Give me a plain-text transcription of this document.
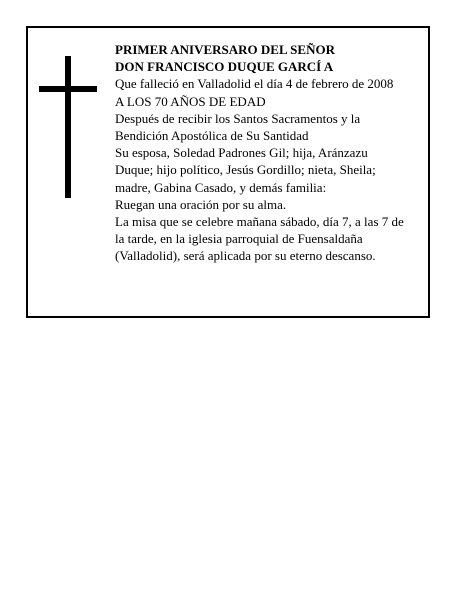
PRIMER ANIVERSARO DEL SEÑOR
DON FRANCISCO DUQUE GARCÍ A
Que falleció en Valladolid el día 4 de febrero de 2008
A LOS 70 AÑOS DE EDAD
Después de recibir los Santos Sacramentos y la
Bendición Apostólica de Su Santidad
Su esposa, Soledad Padrones Gil; hija, Aránzazu
Duque; hijo político, Jesús Gordillo; nieta, Sheila;
madre, Gabina Casado, y demás familia:
Ruegan una oración por su alma.
La misa que se celebre mañana sábado, día 7, a las 7 de
la tarde, en la iglesia parroquial de Fuensaldaña
(Valladolid), será aplicada por su eterno descanso.
